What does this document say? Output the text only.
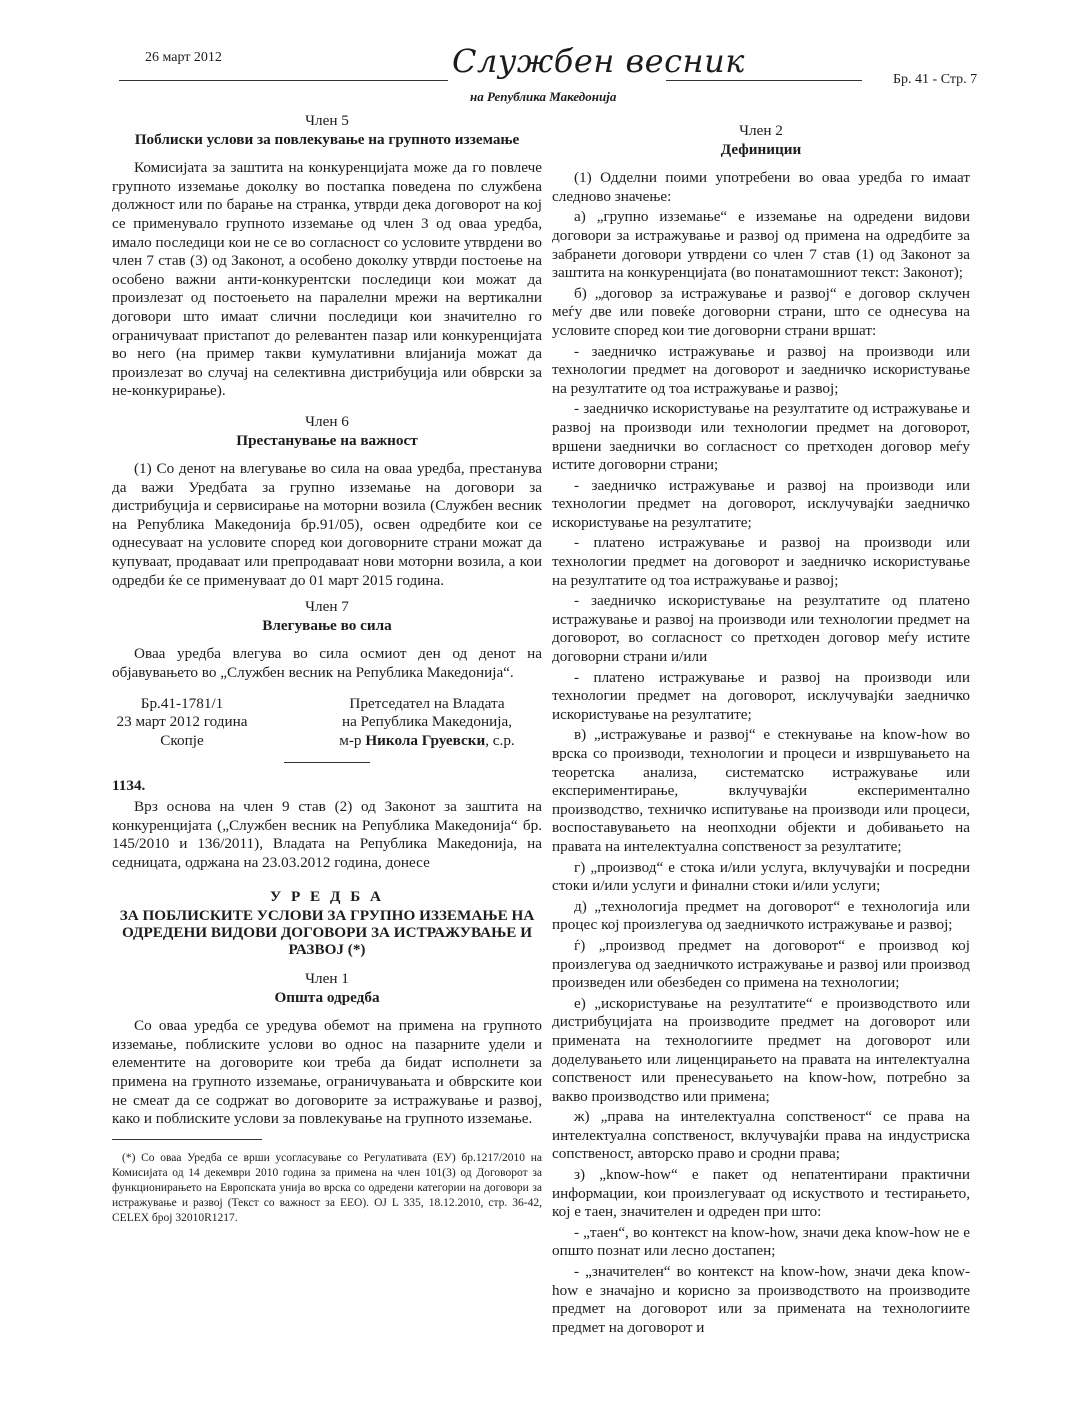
26 март 2012	Службен весник
на Република Македонија
Бр. 41 - Стр. 7
Член 5
Поблиски услови за повлекување на групното изземање

Комисијата за заштита на конкуренцијата може да го повлече групното изземање доколку во постапка поведена по службена должност или по барање на странка, утврди дека договорот на кој се применувало групното изземање од член 3 од оваа уредба, имало последици кои не се во согласност со условите утврдени во член 7 став (3) од Законот, а особено доколку утврди постоење на особено важни анти-конкурентски последици кои можат да произлезат од постоењето на паралелни мрежи на вертикални договори што имаат слични последици кои значително го ограничуваат пристапот до релевантен пазар или конкуренцијата во него (на пример такви кумулативни влијанија можат да произлезат во случај на селективна дистрибуција или обврски за не-конкурирање).

Член 6
Престанување на важност

(1) Со денот на влегување во сила на оваа уредба, престанува да важи Уредбата за групно изземање на договори за дистрибуција и сервисирање на моторни возила (Службен весник на Република Македонија бр.91/05), освен одредбите кои се однесуваат на условите според кои договорните страни можат да купуваат, продаваат или препродаваат нови моторни возила, а кои одредби ќе се применуваат до 01 март 2015 година.

Член 7
Влегување во сила

Оваа уредба влегува во сила осмиот ден од денот на објавувањето во „Службен весник на Република Македонија“.

Бр.41-1781/1
23 март 2012 година
Скопје
Претседател на Владата
на Република Македонија,
м-р Никола Груевски, с.р.
1134.

Врз основа на член 9 став (2) од Законот за заштита на конкуренцијата („Службен весник на Република Македонија“ бр. 145/2010 и 136/2011), Владата на Република Македонија, на седницата, одржана на 23.03.2012 година, донесе

У Р Е Д Б А
ЗА ПОБЛИСКИТЕ УСЛОВИ ЗА ГРУПНО ИЗЗЕМАЊЕ НА ОДРЕДЕНИ ВИДОВИ ДОГОВОРИ ЗА ИСТРАЖУВАЊЕ И РАЗВОЈ (*)
Член 1
Општа одредба

Со оваа уредба се уредува обемот на примена на групното изземање, поблиските услови во однос на пазарните удели и елементите на договорите кои треба да бидат исполнети за примена на групното изземање, ограничувањата и обврските кои не смеат да се содржат во договорите за истражување и развој, како и поблиските услови за повлекување на групното изземање.

(*) Со оваа Уредба се врши усогласување со Регулативата (ЕУ) бр.1217/2010 на Комисијата од 14 декември 2010 година за примена на член 101(3) од Договорот за функционирањето на Европската унија во врска со одредени категории на договори за истражување и развој (Текст со важност за ЕЕО). OJ L 335, 18.12.2010, стр. 36-42, CELEX број 32010R1217.

Член 2
Дефиниции

(1) Одделни поими употребени во оваа уредба го имаат следново значење:

а) „групно изземање“ е изземање на одредени видови договори за истражување и развој од примена на одредбите за забранети договори утврдени со член 7 став (1) од Законот за заштита на конкуренцијата (во понатамошниот текст: Законот);

б) „договор за истражување и развој“ е договор склучен меѓу две или повеќе договорни страни, што се однесува на условите според кои тие договорни страни вршат:

- заедничко истражување и развој на производи или технологии предмет на договорот и заедничко искористување на резултатите од тоа истражување и развој;

- заедничко искористување на резултатите од истражување и развој на производи или технологии предмет на договорот, вршени заеднички во согласност со претходен договор меѓу истите договорни страни;

- заедничко истражување и развој на производи или технологии предмет на договорот, исклучувајќи заедничко искористување на резултатите;

- платено истражување и развој на производи или технологии предмет на договорот и заедничко искористување на резултатите од тоа истражување и развој;

- заедничко искористување на резултатите од платено истражување и развој на производи или технологии предмет на договорот, во согласност со претходен договор меѓу истите договорни страни и/или

- платено истражување и развој на производи или технологии предмет на договорот, исклучувајќи заедничко искористување на резултатите;

в) „истражување и развој“ е стекнување на know-how во врска со производи, технологии и процеси и извршувањето на теоретска анализа, систематско истражување или експериментирање, вклучувајќи експериментално производство, техничко испитување на производи или процеси, воспоставувањето на неопходни објекти и добивањето на правата на интелектуална сопственост за резултатите;

г) „производ“ е стока и/или услуга, вклучувајќи и посредни стоки и/или услуги и финални стоки и/или услуги;

д) „технологија предмет на договорот“ е технологија или процес кој произлегува од заедничкото истражување и развој;

ѓ) „производ предмет на договорот“ е производ кој произлегува од заедничкото истражување и развој или производ произведен или обезбеден со примена на технологии;

е) „искористување на резултатите“ е производството или дистрибуцијата на производите предмет на договорот или примената на технологиите предмет на договорот или доделувањето или лиценцирањето на правата на интелектуална сопственост или пренесувањето на know-how, потребно за вакво производство или примена;

ж) „права на интелектуална сопственост“ се права на интелектуална сопственост, вклучувајќи права на индустриска сопственост, авторско право и сродни права;

з) „know-how“ е пакет од непатентирани практични информации, кои произлегуваат од искуството и тестирањето, кој е таен, значителен и одреден при што:

- „таен“, во контекст на know-how, значи дека know-how не е општо познат или лесно достапен;

- „значителен“ во контекст на know-how, значи дека know-how е значајно и корисно за производството на производите предмет на договорот или за примената на технологиите предмет на договорот и
